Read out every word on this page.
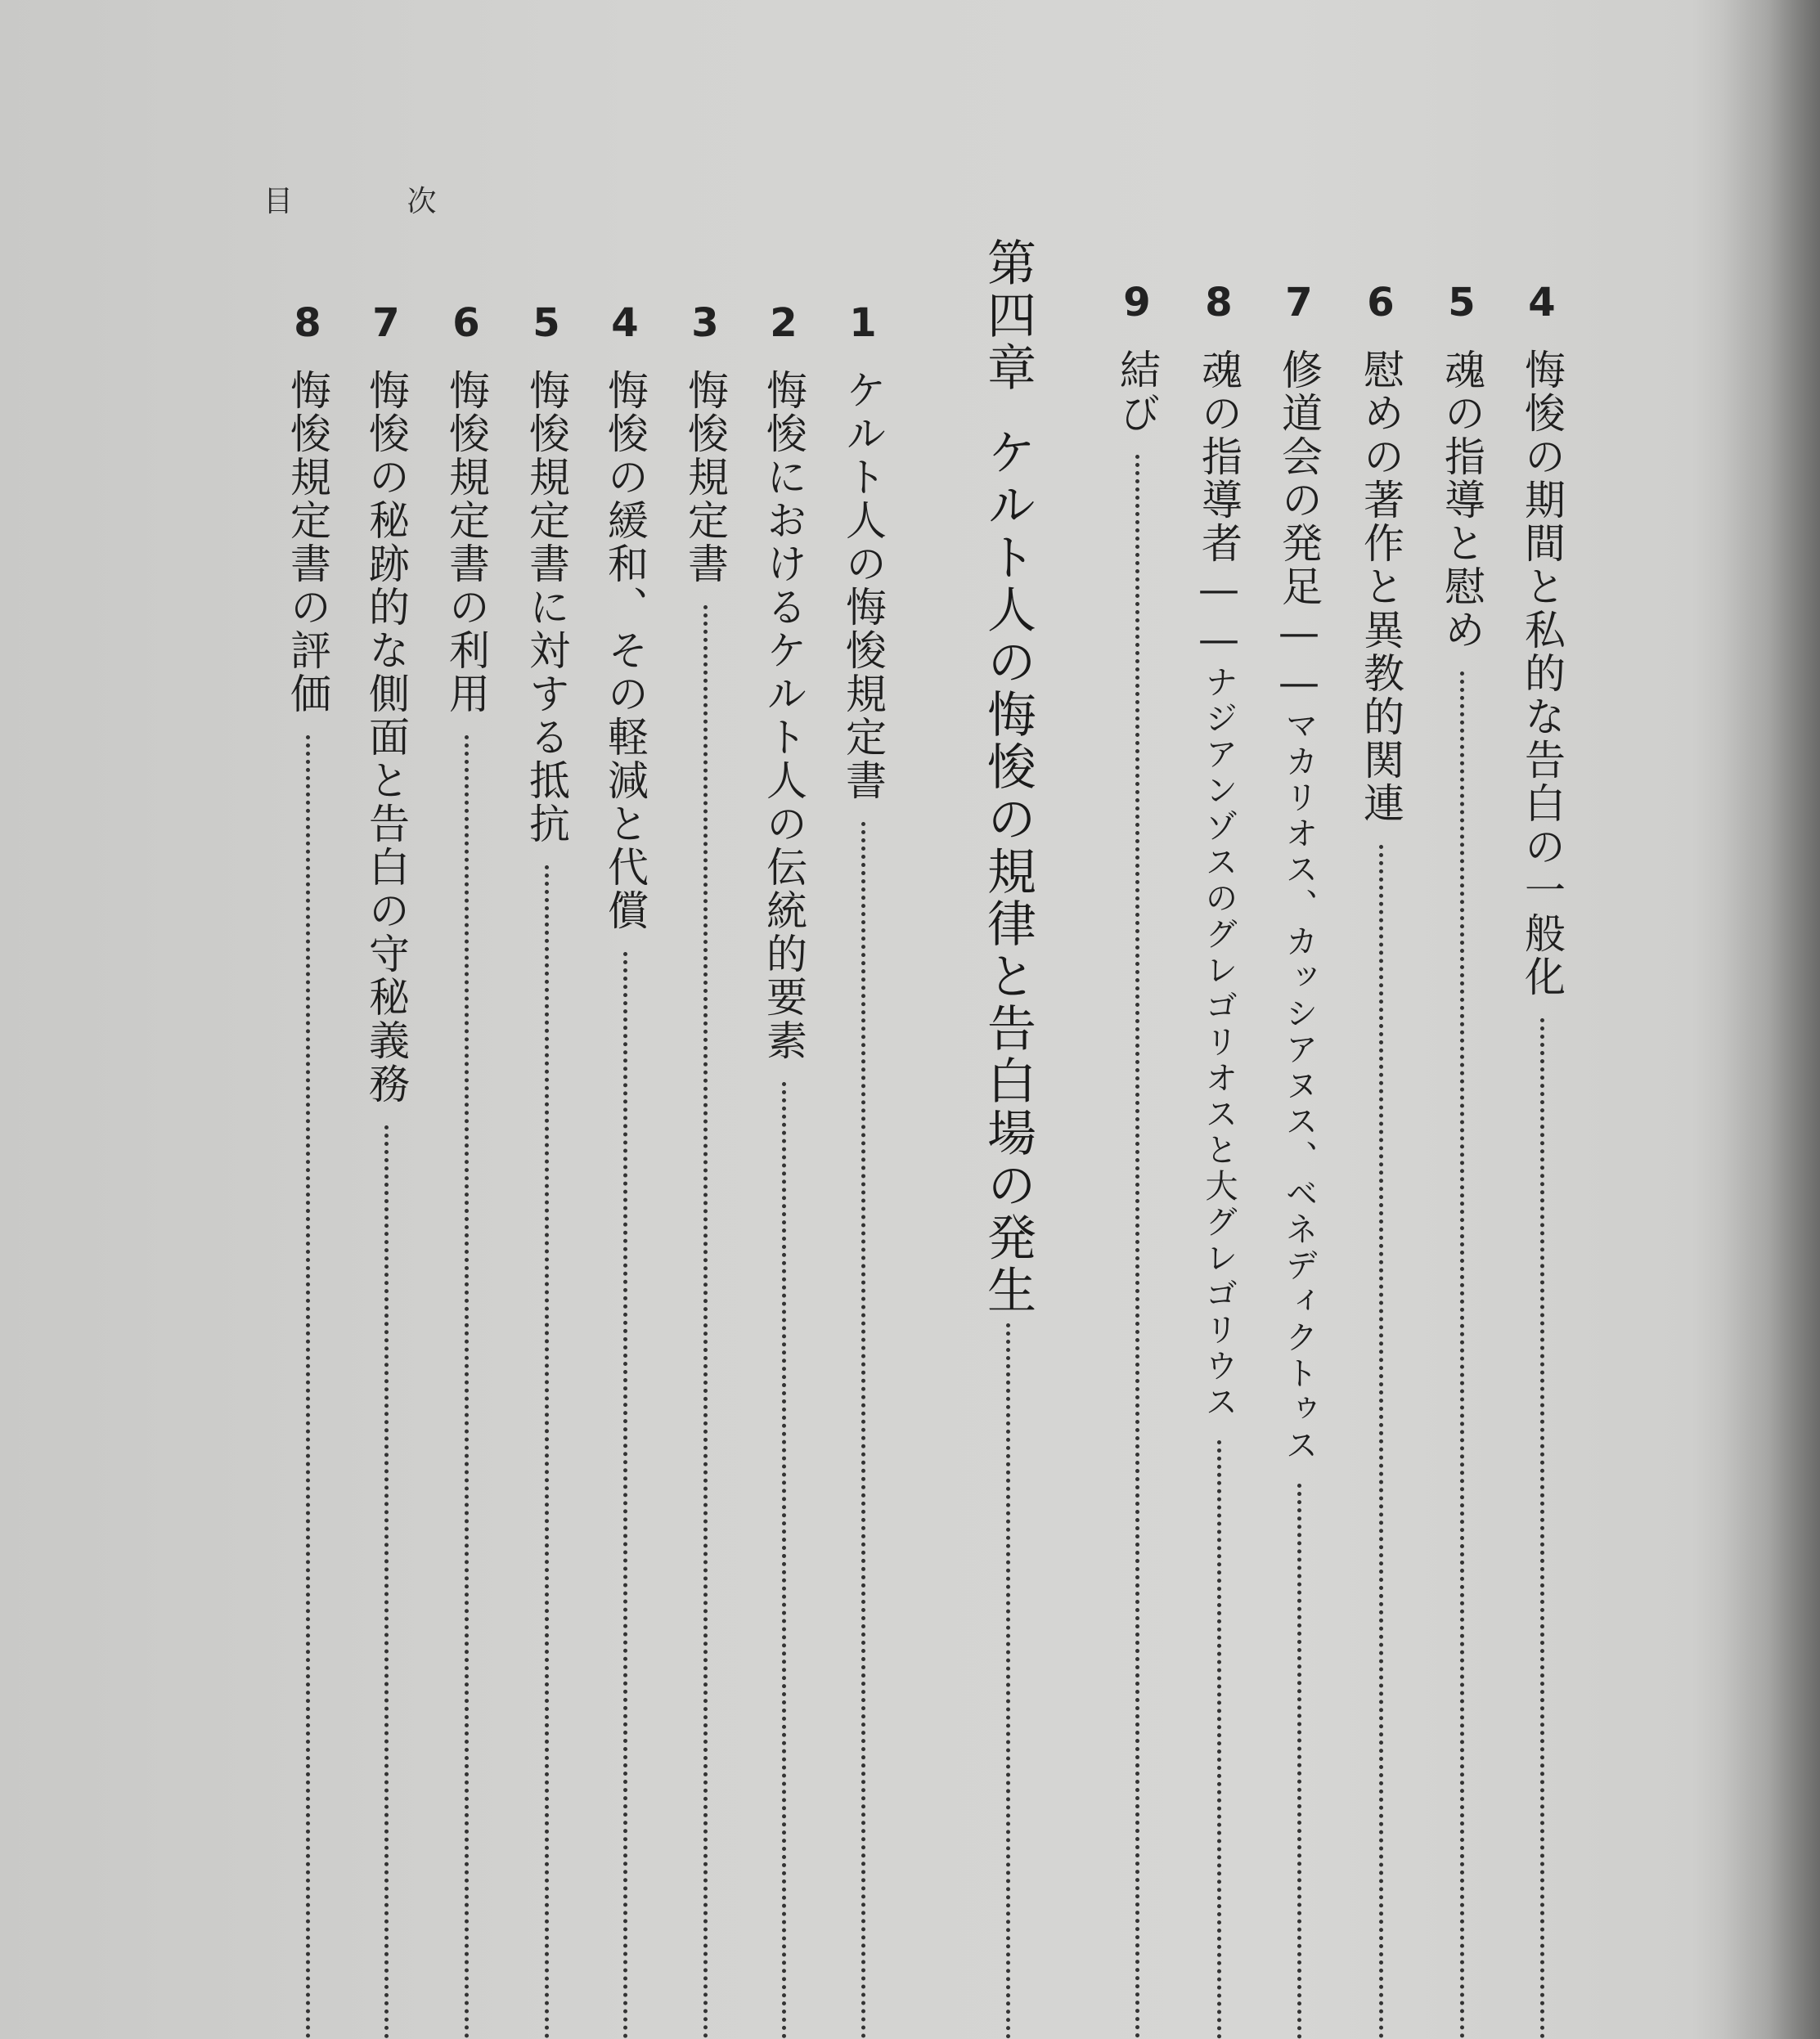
目 次
4
悔悛の期間と私的な告白の一般化
5
魂の指導と慰め
6
慰めの著作と異教的関連
7
修道会の発足——
マカリオス、カッシアヌス、ベネディクトゥス
8
魂の指導者——
ナジアンゾスのグレゴリオスと大グレゴリウス
9
結び
第四章
ケルト人の悔悛の規律と告白場の発生
1
ケルト人の悔悛規定書
2
悔悛におけるケルト人の伝統的要素
3
悔悛規定書
4
悔悛の緩和、その軽減と代償
5
悔悛規定書に対する抵抗
6
悔悛規定書の利用
7
悔悛の秘跡的な側面と告白の守秘義務
8
悔悛規定書の評価
